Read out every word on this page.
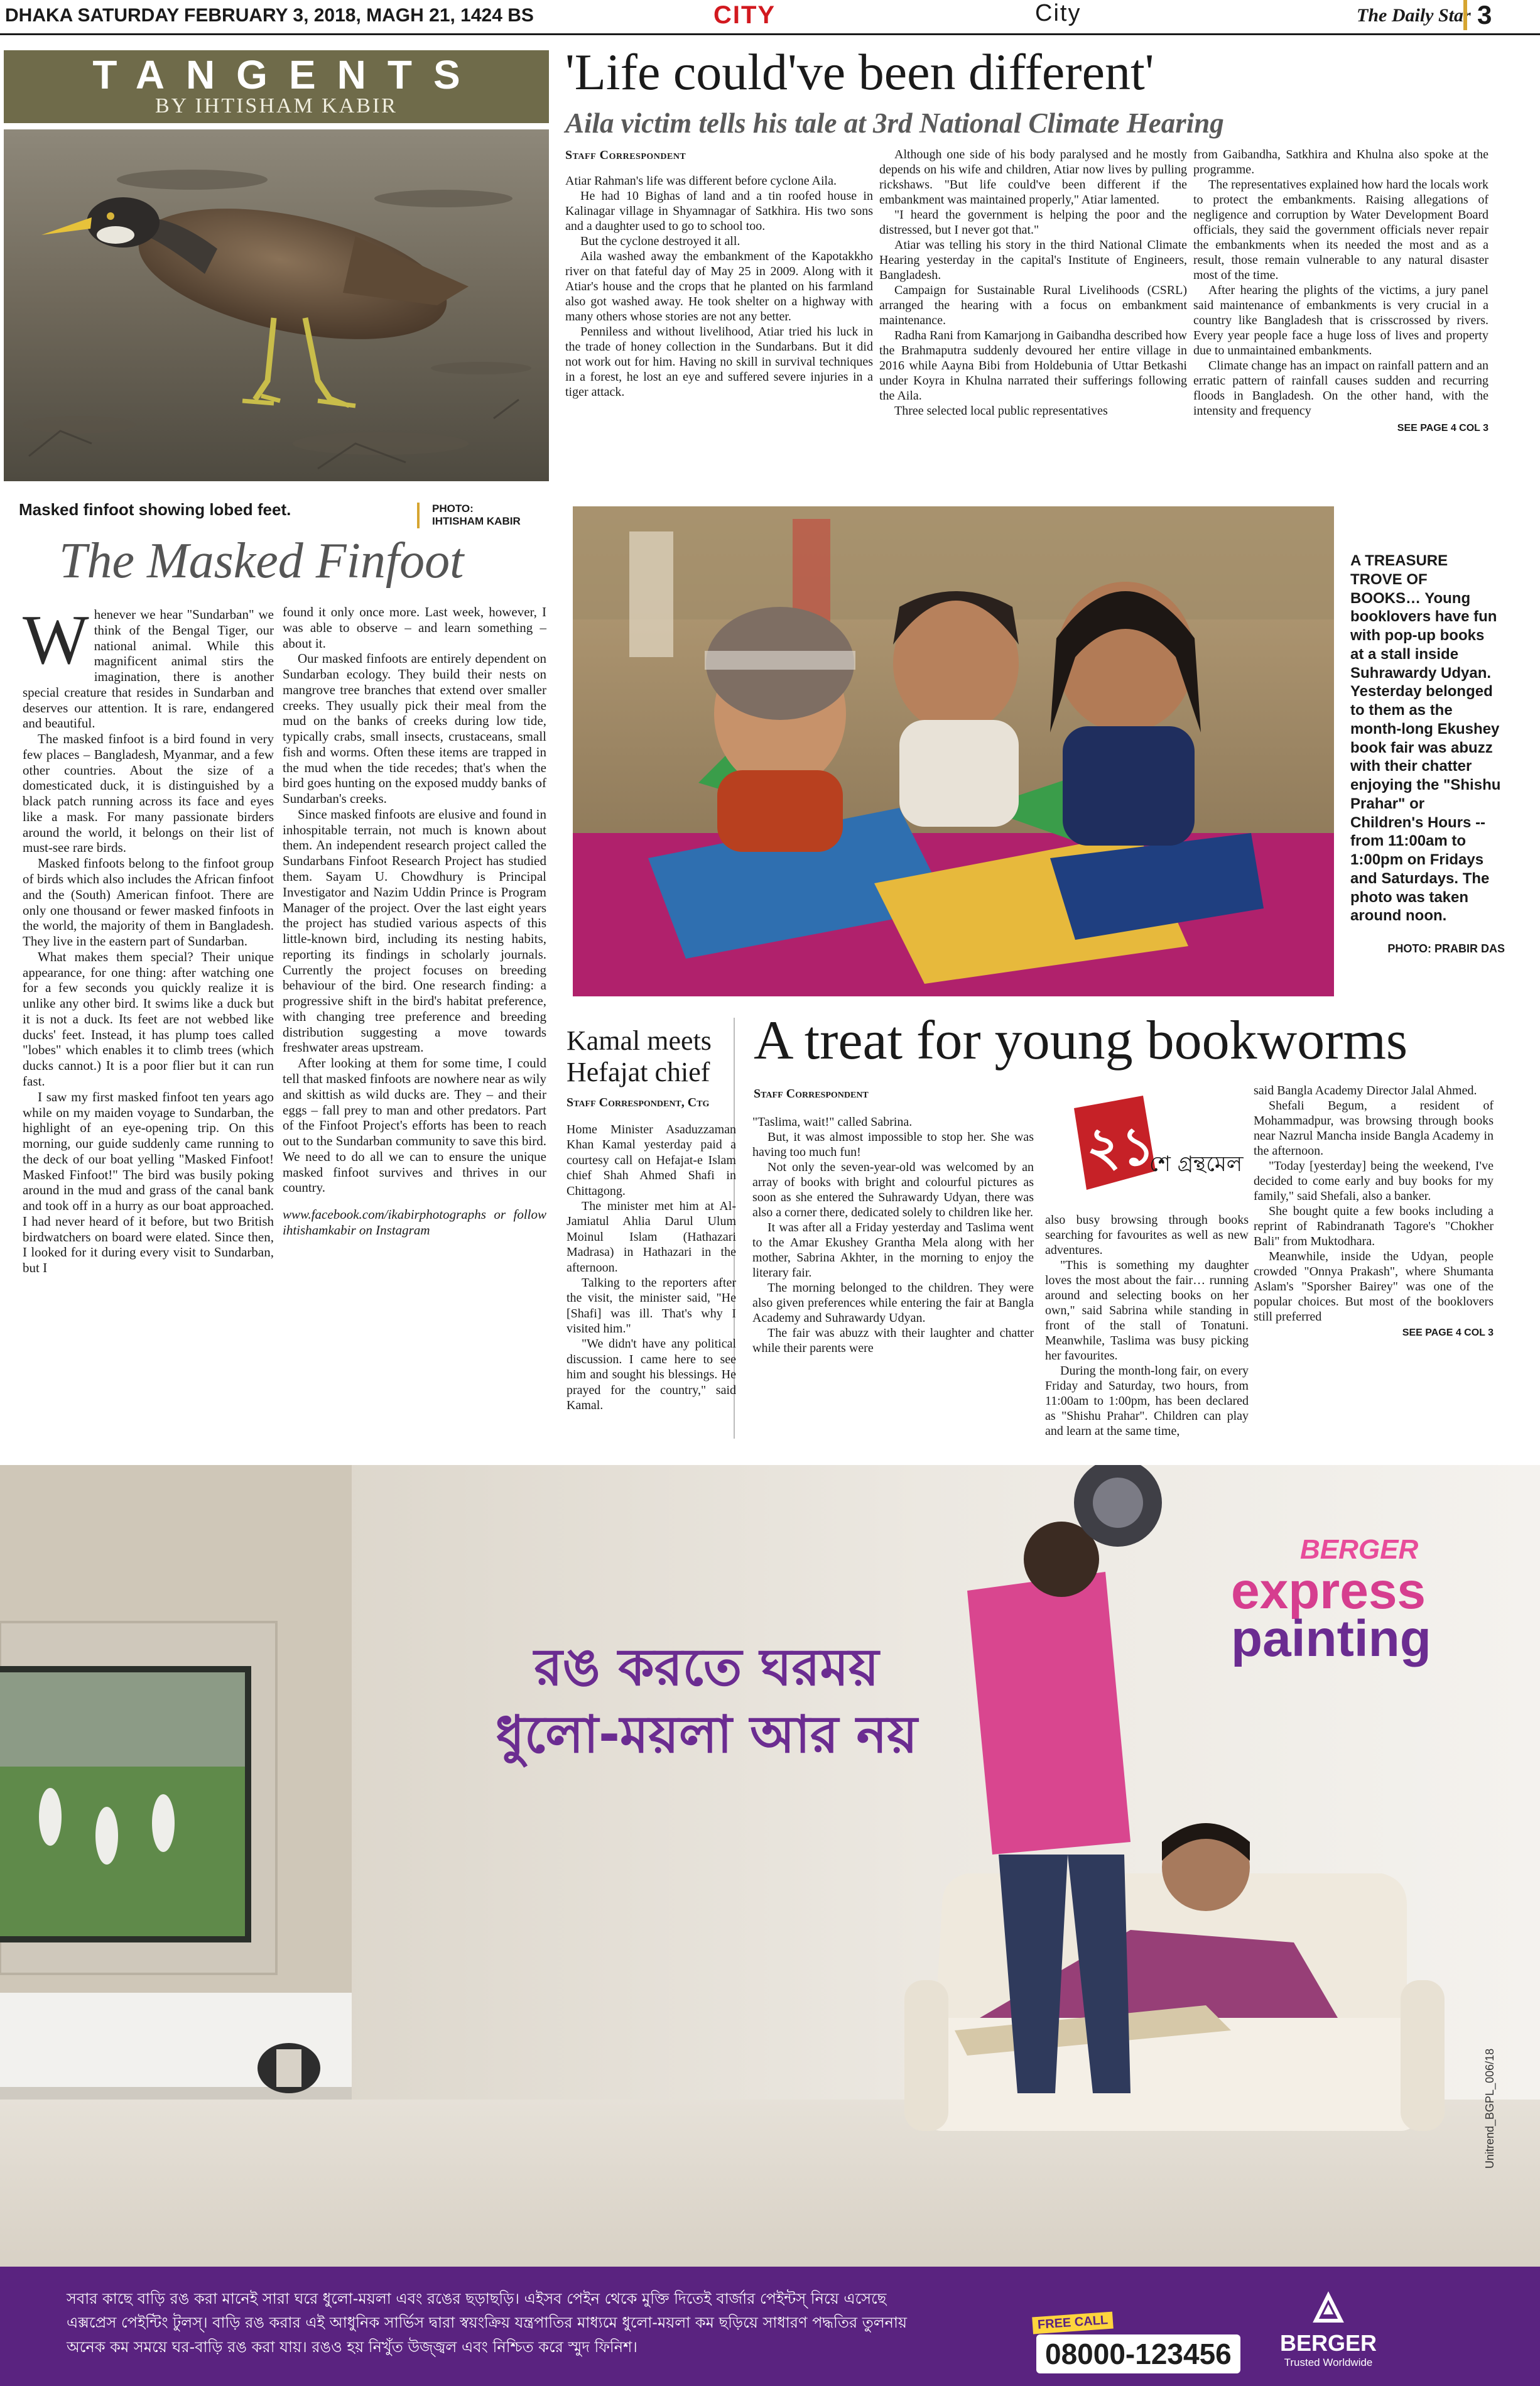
DHAKA SATURDAY FEBRUARY 3, 2018, MAGH 21, 1424 BS	CITY	City	The Daily Star 3
TANGENTS
BY IHTISHAM KABIR
Masked finfoot showing lobed feet.	PHOTO:
IHTISHAM KABIR
The Masked Finfoot
Whenever we hear "Sundarban" we think of the Bengal Tiger, our national animal. While this magnificent animal stirs the imagination, there is another special creature that resides in Sundarban and deserves our attention. It is rare, endangered and beautiful.
The masked finfoot is a bird found in very few places – Bangladesh, Myanmar, and a few other countries. About the size of a domesticated duck, it is distinguished by a black patch running across its face and eyes like a mask. For many passionate birders around the world, it belongs on their list of must-see rare birds.
Masked finfoots belong to the finfoot group of birds which also includes the African finfoot and the (South) American finfoot. There are only one thousand or fewer masked finfoots in the world, the majority of them in Bangladesh. They live in the eastern part of Sundarban.
What makes them special? Their unique appearance, for one thing: after watching one for a few seconds you quickly realize it is unlike any other bird. It swims like a duck but it is not a duck. Its feet are not webbed like ducks' feet. Instead, it has plump toes called "lobes" which enables it to climb trees (which ducks cannot.) It is a poor flier but it can run fast.
I saw my first masked finfoot ten years ago while on my maiden voyage to Sundarban, the highlight of an eye-opening trip. On this morning, our guide suddenly came running to the deck of our boat yelling "Masked Finfoot! Masked Finfoot!" The bird was busily poking around in the mud and grass of the canal bank and took off in a hurry as our boat approached. I had never heard of it before, but two British birdwatchers on board were elated. Since then, I looked for it during every visit to Sundarban, but I
found it only once more. Last week, however, I was able to observe – and learn something – about it.
Our masked finfoots are entirely dependent on Sundarban ecology. They build their nests on mangrove tree branches that extend over smaller creeks. They usually pick their meal from the mud on the banks of creeks during low tide, typically crabs, small insects, crustaceans, small fish and worms. Often these items are trapped in the mud when the tide recedes; that's when the bird goes hunting on the exposed muddy banks of Sundarban's creeks.
Since masked finfoots are elusive and found in inhospitable terrain, not much is known about them. An independent research project called the Sundarbans Finfoot Research Project has studied them. Sayam U. Chowdhury is Principal Investigator and Nazim Uddin Prince is Program Manager of the project. Over the last eight years the project has studied various aspects of this little-known bird, including its nesting habits, reporting its findings in scholarly journals. Currently the project focuses on breeding behaviour of the bird. One research finding: a progressive shift in the bird's habitat preference, with changing tree preference and breeding distribution suggesting a move towards freshwater areas upstream.
After looking at them for some time, I could tell that masked finfoots are nowhere near as wily and skittish as wild ducks are. They – and their eggs – fall prey to man and other predators. Part of the Finfoot Project's efforts has been to reach out to the Sundarban community to save this bird. We need to do all we can to ensure the unique masked finfoot survives and thrives in our country.
www.facebook.com/ikabirphotographs or follow ihtishamkabir on Instagram
'Life could've been different'
Aila victim tells his tale at 3rd National Climate Hearing
Staff Correspondent
Atiar Rahman's life was different before cyclone Aila.
He had 10 Bighas of land and a tin roofed house in Kalinagar village in Shyamnagar of Satkhira. His two sons and a daughter used to go to school too.
But the cyclone destroyed it all.
Aila washed away the embankment of the Kapotakkho river on that fateful day of May 25 in 2009. Along with it Atiar's house and the crops that he planted on his farmland also got washed away. He took shelter on a highway with many others whose stories are not any better.
Penniless and without livelihood, Atiar tried his luck in the trade of honey collection in the Sundarbans. But it did not work out for him. Having no skill in survival techniques in a forest, he lost an eye and suffered severe injuries in a tiger attack.
Although one side of his body paralysed and he mostly depends on his wife and children, Atiar now lives by pulling rickshaws. "But life could've been different if the embankment was maintained properly," Atiar lamented.
"I heard the government is helping the poor and the distressed, but I never got that."
Atiar was telling his story in the third National Climate Hearing yesterday in the capital's Institute of Engineers, Bangladesh.
Campaign for Sustainable Rural Livelihoods (CSRL) arranged the hearing with a focus on embankment maintenance.
Radha Rani from Kamarjong in Gaibandha described how the Brahmaputra suddenly devoured her entire village in 2016 while Aayna Bibi from Holdebunia of Uttar Betkashi under Koyra in Khulna narrated their sufferings following the Aila.
Three selected local public representatives
from Gaibandha, Satkhira and Khulna also spoke at the programme.
The representatives explained how hard the locals work to protect the embankments. Raising allegations of negligence and corruption by Water Development Board officials, they said the government officials never repair the embankments when its needed the most and as a result, those remain vulnerable to any natural disaster most of the time.
After hearing the plights of the victims, a jury panel said maintenance of embankments is very crucial in a country like Bangladesh that is crisscrossed by rivers. Every year people face a huge loss of lives and property due to unmaintained embankments.
Climate change has an impact on rainfall pattern and an erratic pattern of rainfall causes sudden and recurring floods in Bangladesh. On the other hand, with the intensity and frequency
SEE PAGE 4 COL 3
A TREASURE TROVE OF BOOKS… Young booklovers have fun with pop-up books at a stall inside Suhrawardy Udyan. Yesterday belonged to them as the month-long Ekushey book fair was abuzz with their chatter enjoying the "Shishu Prahar" or Children's Hours -- from 11:00am to 1:00pm on Fridays and Saturdays. The photo was taken around noon.
PHOTO: PRABIR DAS
Kamal meets Hefajat chief
Staff Correspondent, Ctg
Home Minister Asaduzzaman Khan Kamal yesterday paid a courtesy call on Hefajat-e Islam chief Shah Ahmed Shafi in Chittagong.
The minister met him at Al-Jamiatul Ahlia Darul Ulum Moinul Islam (Hathazari Madrasa) in Hathazari in the afternoon.
Talking to the reporters after the visit, the minister said, "He [Shafi] was ill. That's why I visited him."
"We didn't have any political discussion. I came here to see him and sought his blessings. He prayed for the country," said Kamal.
A treat for young bookworms
Staff Correspondent
২১
শে গ্রন্থমেলা
"Taslima, wait!" called Sabrina.
But, it was almost impossible to stop her. She was having too much fun!
Not only the seven-year-old was welcomed by an array of books with bright and colourful pictures as soon as she entered the Suhrawardy Udyan, there was also a corner there, dedicated solely to children like her.
It was after all a Friday yesterday and Taslima went to the Amar Ekushey Grantha Mela along with her mother, Sabrina Akhter, in the morning to enjoy the literary fair.
The morning belonged to the children. They were also given preferences while entering the fair at Bangla Academy and Suhrawardy Udyan.
The fair was abuzz with their laughter and chatter while their parents were
also busy browsing through books searching for favourites as well as new adventures.
"This is something my daughter loves the most about the fair… running around and selecting books on her own," said Sabrina while standing in front of the stall of Tonatuni. Meanwhile, Taslima was busy picking her favourites.
During the month-long fair, on every Friday and Saturday, two hours, from 11:00am to 1:00pm, has been declared as "Shishu Prahar". Children can play and learn at the same time,
said Bangla Academy Director Jalal Ahmed.
Shefali Begum, a resident of Mohammadpur, was browsing through books near Nazrul Mancha inside Bangla Academy in the afternoon.
"Today [yesterday] being the weekend, I've decided to come early and buy books for my family," said Shefali, also a banker.
She bought quite a few books including a reprint of Rabindranath Tagore's "Chokher Bali" from Muktodhara.
Meanwhile, inside the Udyan, people crowded "Onnya Prakash", where Shumanta Aslam's "Sporsher Bairey" was one of the popular choices. But most of the booklovers still preferred
SEE PAGE 4 COL 3
রঙ করতে ঘরময়
ধুলো-ময়লা আর নয়
BERGER
express
painting
Unitrend_BGPL_006/18
সবার কাছে বাড়ি রঙ করা মানেই সারা ঘরে ধুলো-ময়লা এবং রঙের ছড়াছড়ি। এইসব পেইন থেকে মুক্তি দিতেই বার্জার পেইন্টস্‌ নিয়ে এসেছে
এক্সপ্রেস পেইন্টিং টুলস্‌। বাড়ি রঙ করার এই আধুনিক সার্ভিস দ্বারা স্বয়ংক্রিয় যন্ত্রপাতির মাধ্যমে ধুলো-ময়লা কম ছড়িয়ে সাধারণ পদ্ধতির তুলনায়
অনেক কম সময়ে ঘর-বাড়ি রঙ করা যায়। রঙও হয় নিখুঁত উজ্জ্বল এবং নিশ্চিত করে স্মুদ ফিনিশ।
FREE CALL
08000-123456	BERGER
Trusted Worldwide
